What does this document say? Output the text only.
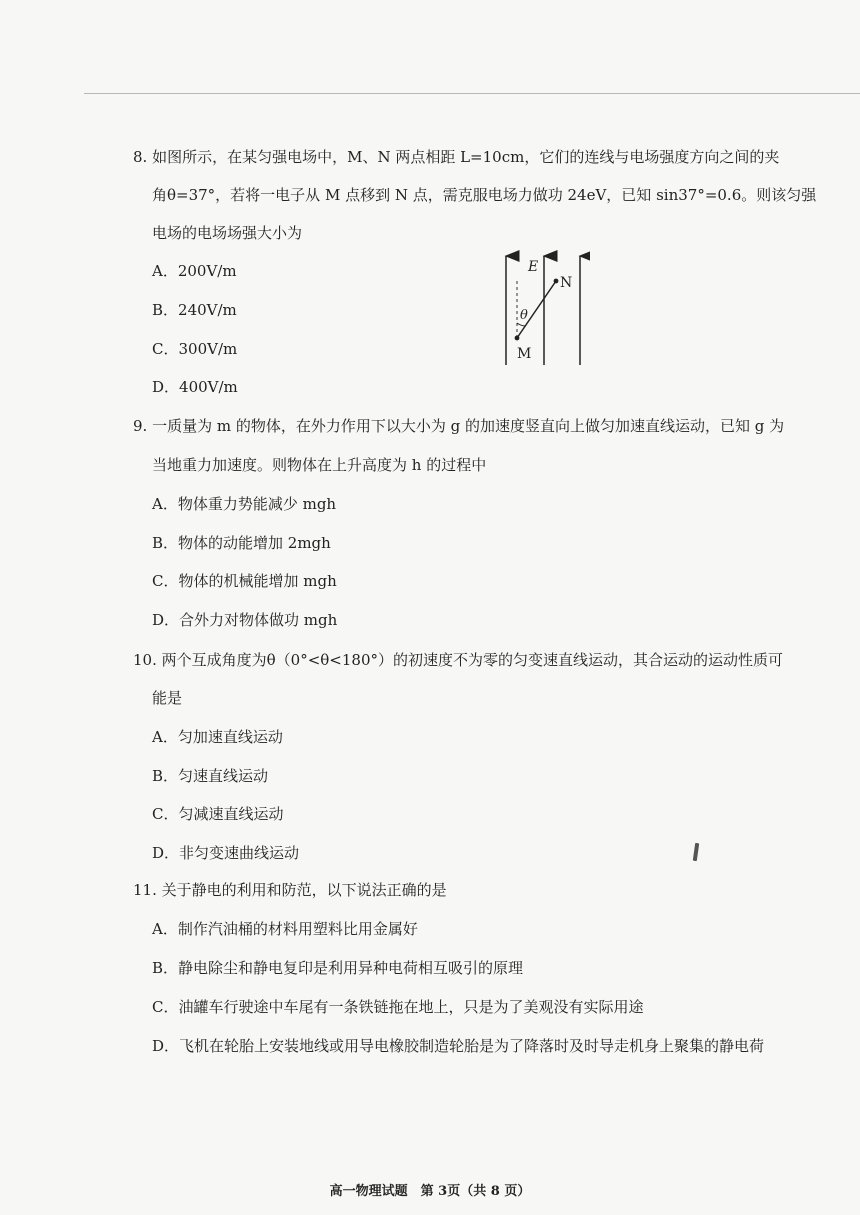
8. 如图所示，在某匀强电场中，M、N 两点相距 L=10cm，它们的连线与电场强度方向之间的夹
角θ=37°，若将一电子从 M 点移到 N 点，需克服电场力做功 24eV，已知 sin37°=0.6。则该匀强
电场的电场场强大小为
A．200V/m
B．240V/m
C．300V/m
D．400V/m
E
N
M
θ
9. 一质量为 m 的物体，在外力作用下以大小为 g 的加速度竖直向上做匀加速直线运动，已知 g 为
当地重力加速度。则物体在上升高度为 h 的过程中
A．物体重力势能减少 mgh
B．物体的动能增加 2mgh
C．物体的机械能增加 mgh
D．合外力对物体做功 mgh
10. 两个互成角度为θ（0°<θ<180°）的初速度不为零的匀变速直线运动，其合运动的运动性质可
能是
A．匀加速直线运动
B．匀速直线运动
C．匀减速直线运动
D．非匀变速曲线运动
11. 关于静电的利用和防范，以下说法正确的是
A．制作汽油桶的材料用塑料比用金属好
B．静电除尘和静电复印是利用异种电荷相互吸引的原理
C．油罐车行驶途中车尾有一条铁链拖在地上，只是为了美观没有实际用途
D．飞机在轮胎上安装地线或用导电橡胶制造轮胎是为了降落时及时导走机身上聚集的静电荷
高一物理试题　第 3页（共 8 页）
